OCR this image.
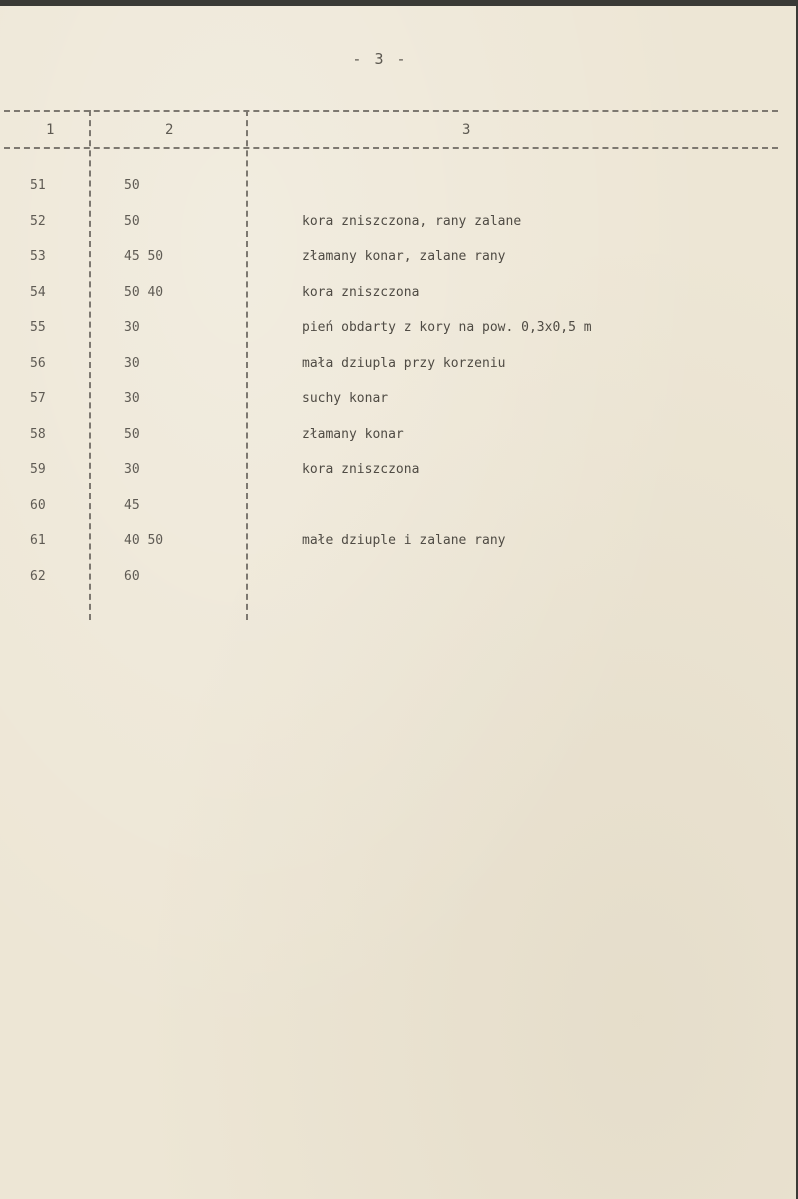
- 3 -
1	2	3
51	50
52	50	kora zniszczona, rany zalane
53	45 50	złamany konar, zalane rany
54	50 40	kora zniszczona
55	30	pień obdarty z kory na pow. 0,3x0,5 m
56	30	mała dziupla przy korzeniu
57	30	suchy konar
58	50	złamany konar
59	30	kora zniszczona
60	45
61	40 50	małe dziuple i zalane rany
62	60
